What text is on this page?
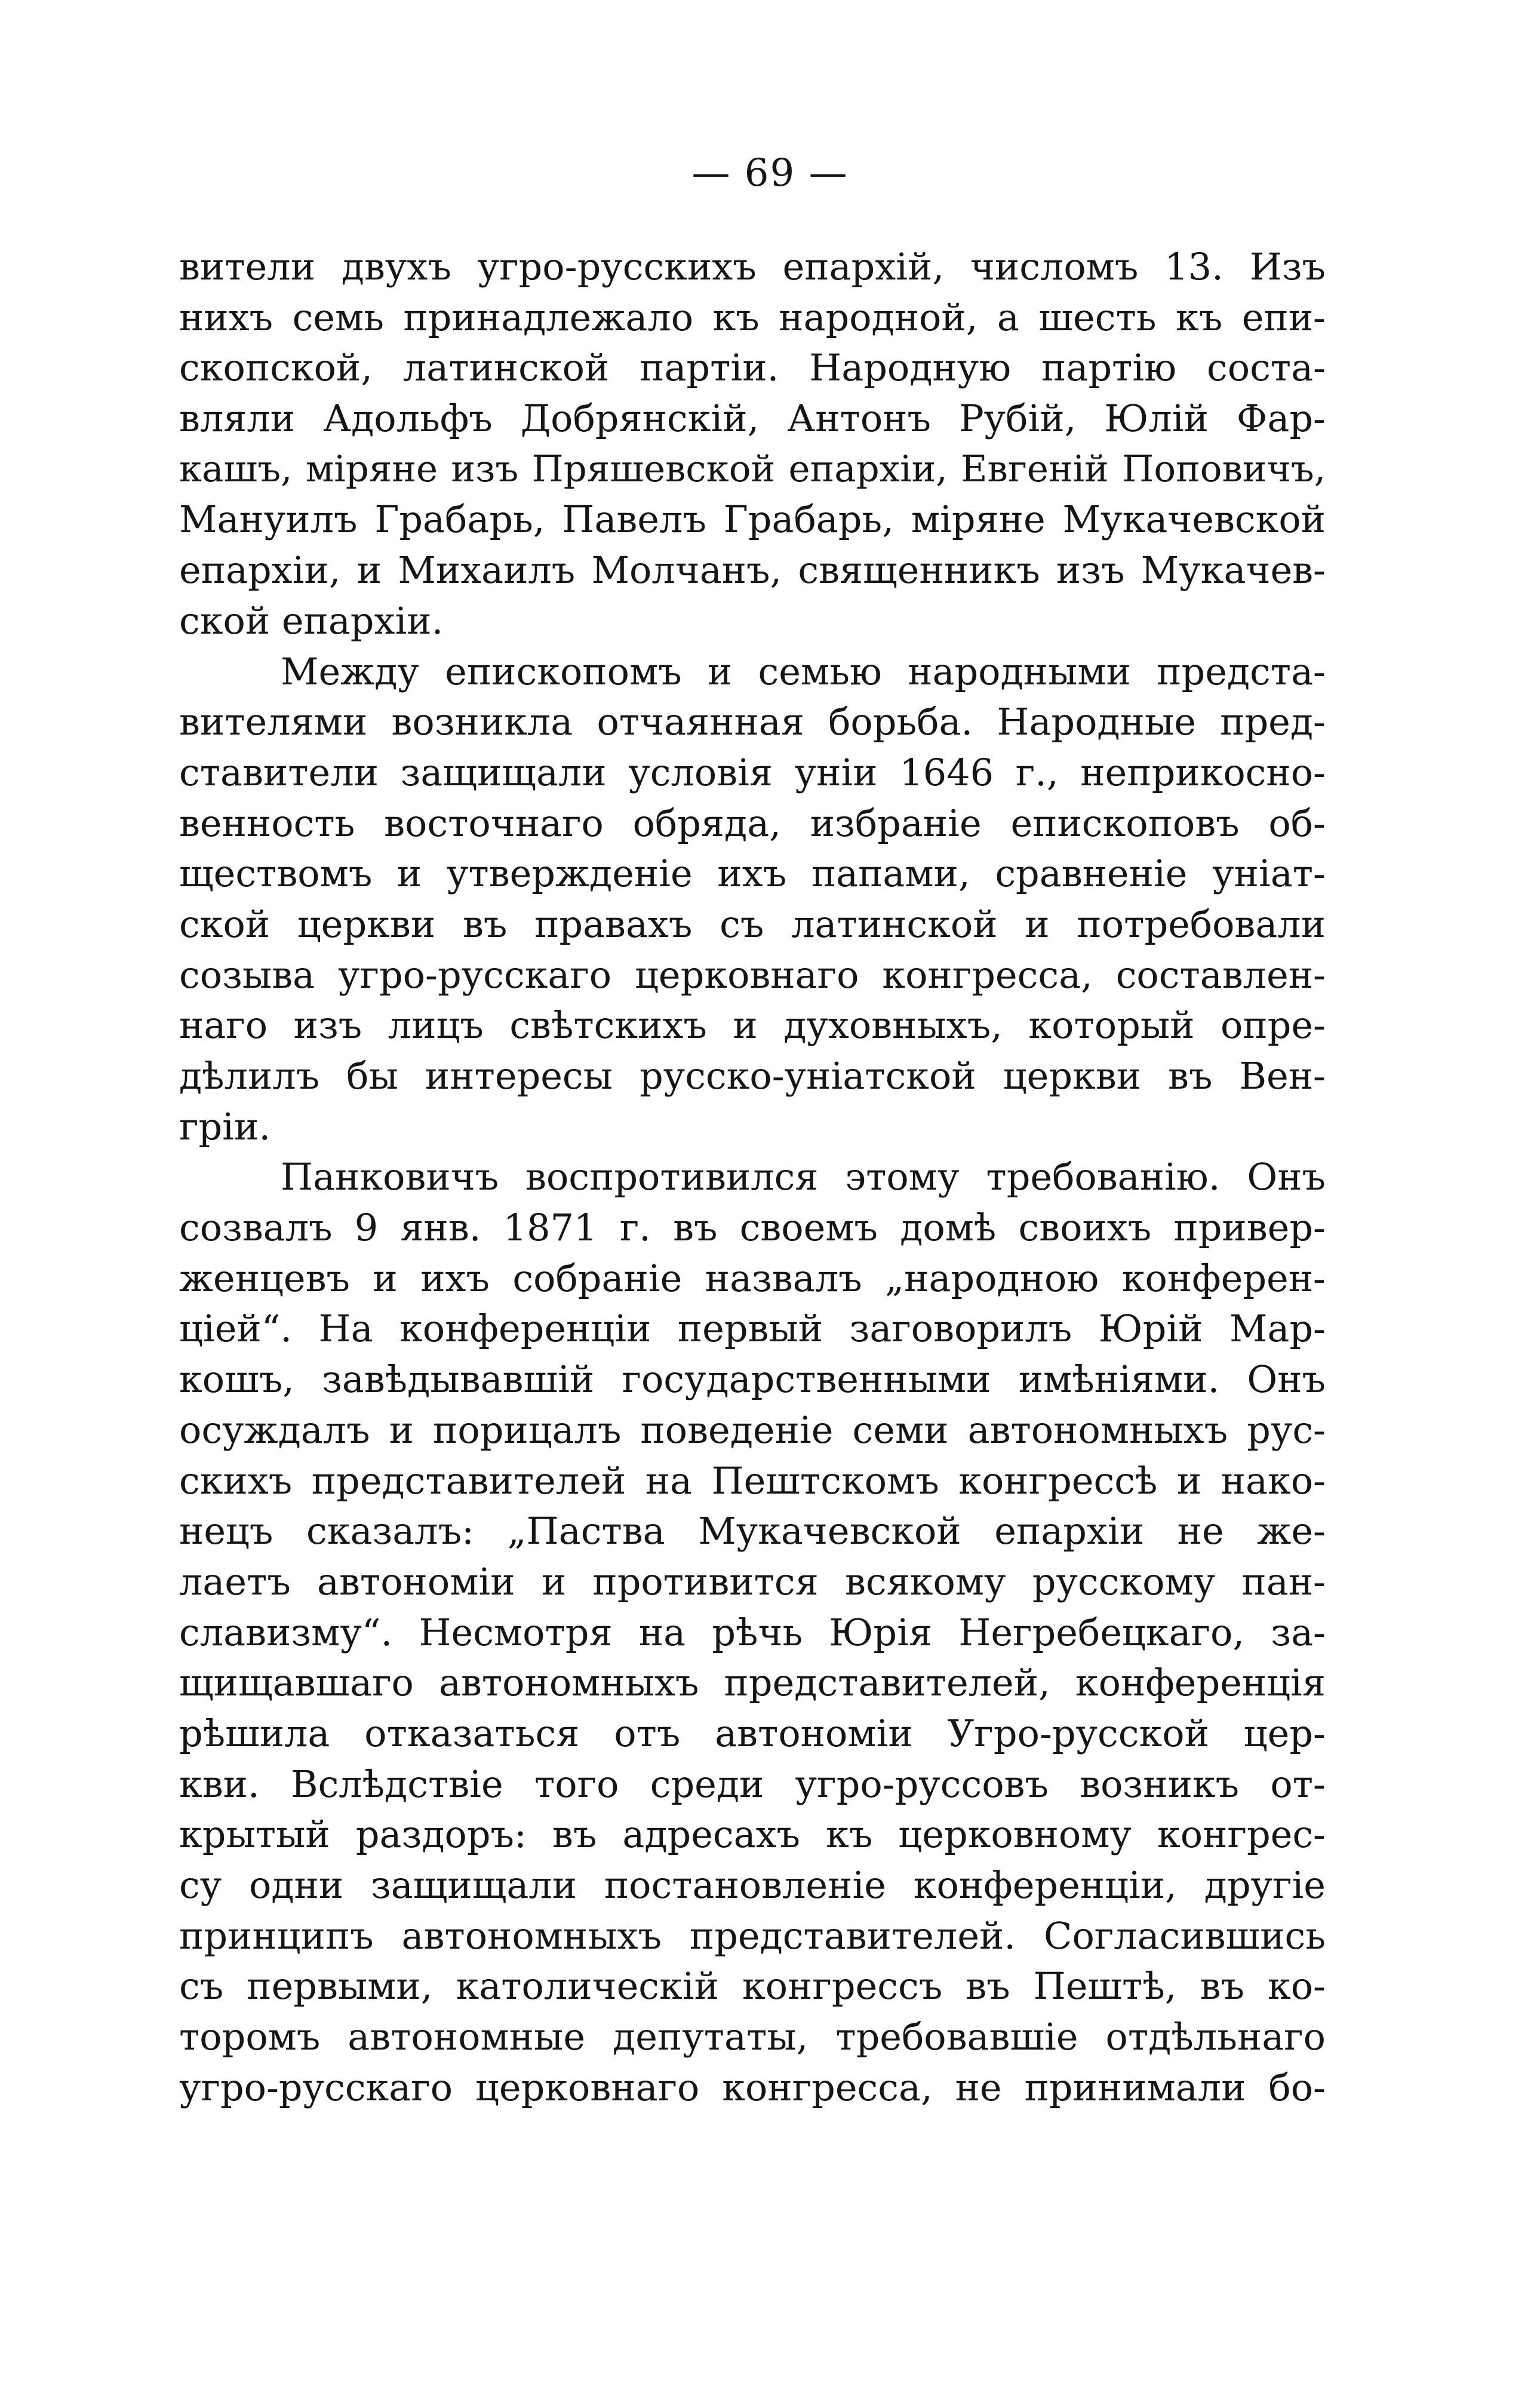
— 69 —
вители двухъ угро-русскихъ епархій, числомъ 13. Изъ
нихъ семь принадлежало къ народной, а шесть къ епи-
скопской, латинской партіи. Народную партію соста-
вляли Адольфъ Добрянскій, Антонъ Рубій, Юлій Фар-
кашъ, міряне изъ Пряшевской епархіи, Евгеній Поповичъ,
Мануилъ Грабарь, Павелъ Грабарь, міряне Мукачевской
епархіи, и Михаилъ Молчанъ, священникъ изъ Мукачев-
ской епархіи.
Между епископомъ и семью народными предста-
вителями возникла отчаянная борьба. Народные пред-
ставители защищали условія уніи 1646 г., неприкосно-
венность восточнаго обряда, избраніе епископовъ об-
ществомъ и утвержденіе ихъ папами, сравненіе уніат-
ской церкви въ правахъ съ латинской и потребовали
созыва угро-русскаго церковнаго конгресса, составлен-
наго изъ лицъ свѣтскихъ и духовныхъ, который опре-
дѣлилъ бы интересы русско-уніатской церкви въ Вен-
гріи.
Панковичъ воспротивился этому требованію. Онъ
созвалъ 9 янв. 1871 г. въ своемъ домѣ своихъ привер-
женцевъ и ихъ собраніе назвалъ „народною конферен-
ціей“. На конференціи первый заговорилъ Юрій Мар-
кошъ, завѣдывавшій государственными имѣніями. Онъ
осуждалъ и порицалъ поведеніе семи автономныхъ рус-
скихъ представителей на Пештскомъ конгрессѣ и нако-
нецъ сказалъ: „Паства Мукачевской епархіи не же-
лаетъ автономіи и противится всякому русскому пан-
славизму“. Несмотря на рѣчь Юрія Негребецкаго, за-
щищавшаго автономныхъ представителей, конференція
рѣшила отказаться отъ автономіи Угро-русской цер-
кви. Вслѣдствіе того среди угро-руссовъ возникъ от-
крытый раздоръ: въ адресахъ къ церковному конгрес-
су одни защищали постановленіе конференціи, другіе
принципъ автономныхъ представителей. Согласившись
съ первыми, католическій конгрессъ въ Пештѣ, въ ко-
торомъ автономные депутаты, требовавшіе отдѣльнаго
угро-русскаго церковнаго конгресса, не принимали бо-
